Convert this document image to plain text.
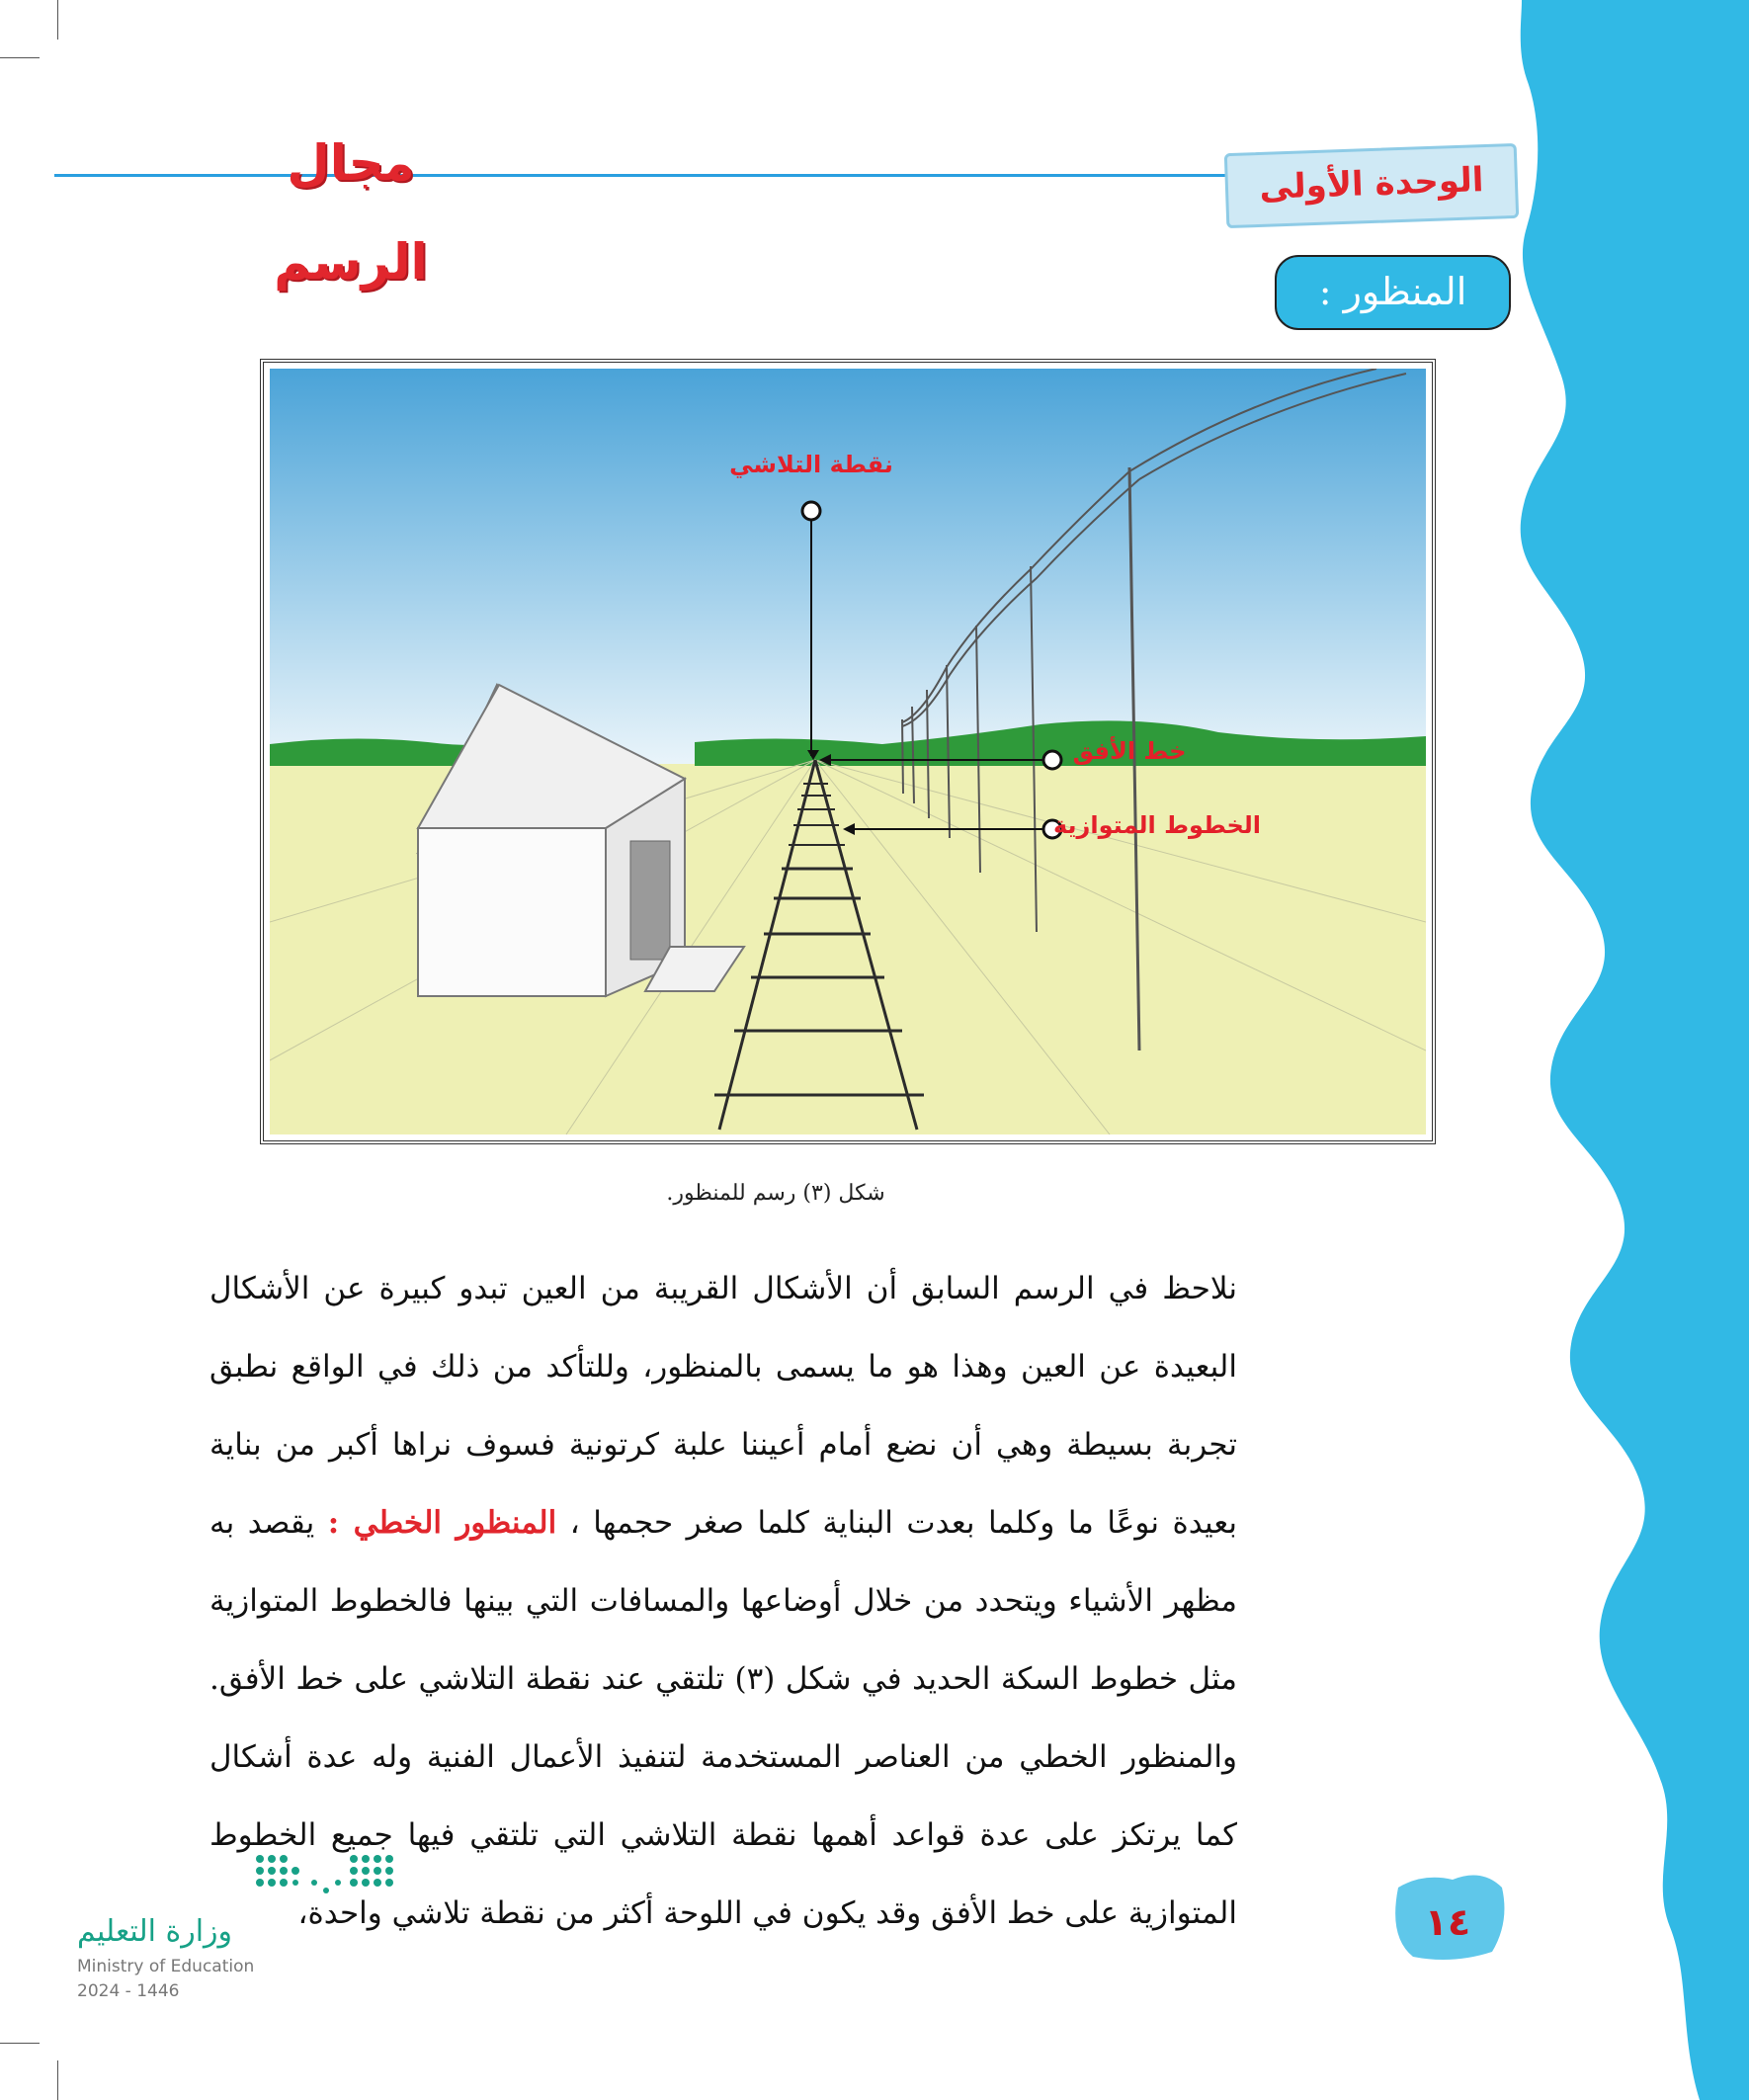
مجال الرسم
الوحدة الأولى
المنظور :
نقطة التلاشي
خط الأفق
الخطوط المتوازية
شكل (٣) رسم للمنظور.

نلاحظ في الرسم السابق أن الأشكال القريبة من العين تبدو كبيرة عن الأشكال البعيدة عن العين وهذا هو ما يسمى بالمنظور، وللتأكد من ذلك في الواقع نطبق تجربة بسيطة وهي أن نضع أمام أعيننا علبة كرتونية فسوف نراها أكبر من بناية بعيدة نوعًا ما وكلما بعدت البناية كلما صغر حجمها ، المنظور الخطي : يقصد به مظهر الأشياء ويتحدد من خلال أوضاعها والمسافات التي بينها فالخطوط المتوازية مثل خطوط السكة الحديد في شكل (٣) تلتقي عند نقطة التلاشي على خط الأفق. والمنظور الخطي من العناصر المستخدمة لتنفيذ الأعمال الفنية وله عدة أشكال كما يرتكز على عدة قواعد أهمها نقطة التلاشي التي تلتقي فيها جميع الخطوط المتوازية على خط الأفق وقد يكون في اللوحة أكثر من نقطة تلاشي واحدة،	١٤
وزارة التعليم
Ministry of Education
2024 - 1446
